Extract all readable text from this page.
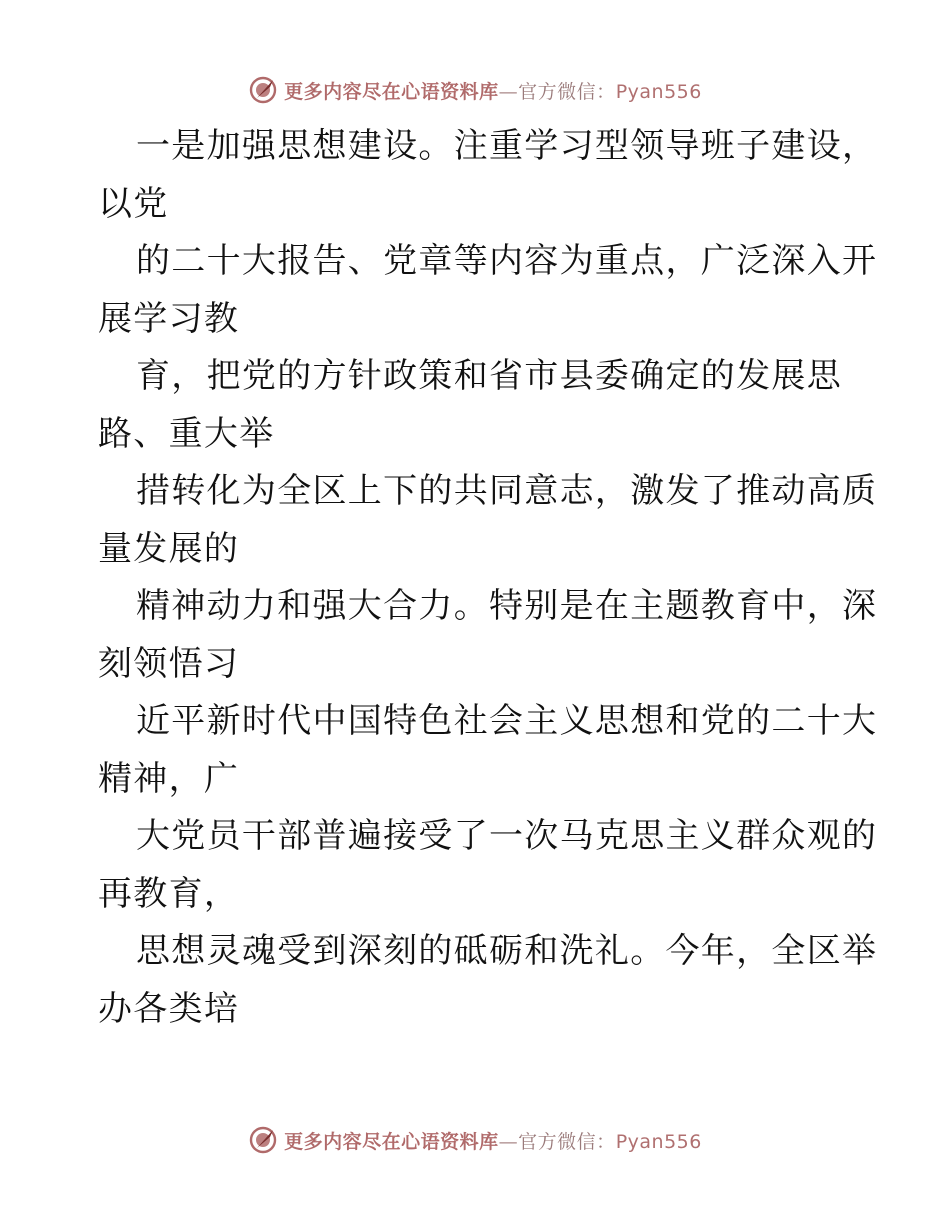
更多内容尽在心语资料库—官方微信：Pyan556
一是加强思想建设。注重学习型领导班子建设，
以党
的二十大报告、党章等内容为重点，广泛深入开
展学习教
育，把党的方针政策和省市县委确定的发展思
路、重大举
措转化为全区上下的共同意志，激发了推动高质
量发展的
精神动力和强大合力。特别是在主题教育中，深
刻领悟习
近平新时代中国特色社会主义思想和党的二十大
精神，广
大党员干部普遍接受了一次马克思主义群众观的
再教育，
思想灵魂受到深刻的砥砺和洗礼。今年，全区举
办各类培
更多内容尽在心语资料库—官方微信：Pyan556
